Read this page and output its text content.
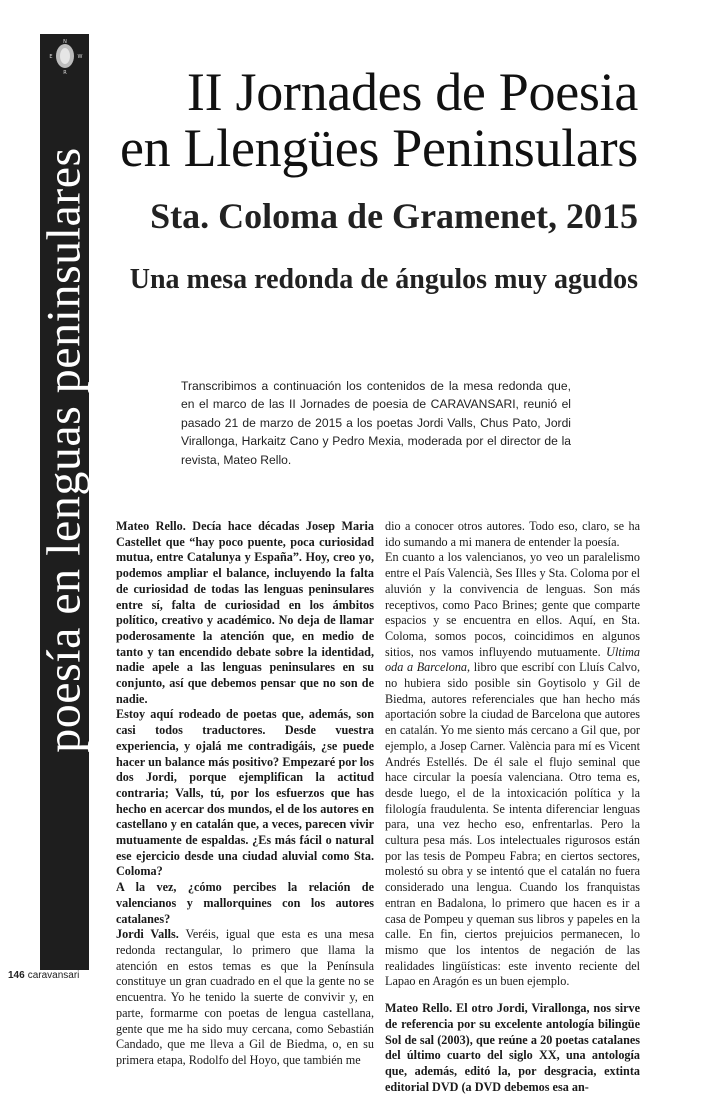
N
E	W
R
poesía en lenguas peninsulares
II Jornades de Poesia
en Llengües Peninsulars
Sta. Coloma de Gramenet, 2015
Una mesa redonda de ángulos muy agudos

Transcribimos a continuación los contenidos de la mesa redonda que, en el marco de las II Jornades de poesia de CARAVANSARI, reunió el pasado 21 de marzo de 2015 a los poetas Jordi Valls, Chus Pato, Jordi Virallonga, Harkaitz Cano y Pedro Mexia, moderada por el director de la revista, Mateo Rello.

Mateo Rello. Decía hace décadas Josep Maria Castellet que “hay poco puente, poca curiosidad mutua, entre Catalunya y España”. Hoy, creo yo, podemos ampliar el balance, incluyendo la falta de curiosidad de todas las lenguas peninsulares entre sí, falta de curiosidad en los ámbitos político, creativo y académico. No deja de llamar poderosamente la atención que, en medio de tanto y tan encendido debate sobre la identidad, nadie apele a las lenguas peninsulares en su conjunto, así que debemos pensar que no son de nadie.

Estoy aquí rodeado de poetas que, además, son casi todos traductores. Desde vuestra experiencia, y ojalá me contradigáis, ¿se puede hacer un balance más positivo? Empezaré por los dos Jordi, porque ejemplifican la actitud contraria; Valls, tú, por los esfuerzos que has hecho en acercar dos mundos, el de los autores en castellano y en catalán que, a veces, parecen vivir mutuamente de espaldas. ¿Es más fácil o natural ese ejercicio desde una ciudad aluvial como Sta. Coloma?

A la vez, ¿cómo percibes la relación de valencianos y mallorquines con los autores catalanes?

Jordi Valls. Veréis, igual que esta es una mesa redonda rectangular, lo primero que llama la atención en estos temas es que la Península constituye un gran cuadrado en el que la gente no se encuentra. Yo he tenido la suerte de convivir y, en parte, formarme con poetas de lengua castellana, gente que me ha sido muy cercana, como Sebastián Candado, que me lleva a Gil de Biedma, o, en su primera etapa, Rodolfo del Hoyo, que también me

dio a conocer otros autores. Todo eso, claro, se ha ido sumando a mi manera de entender la poesía.

En cuanto a los valencianos, yo veo un paralelismo entre el País Valencià, Ses Illes y Sta. Coloma por el aluvión y la convivencia de lenguas. Son más receptivos, como Paco Brines; gente que comparte espacios y se encuentra en ellos. Aquí, en Sta. Coloma, somos pocos, coincidimos en algunos sitios, nos vamos influyendo mutuamente. Ultima oda a Barcelona, libro que escribí con Lluís Calvo, no hubiera sido posible sin Goytisolo y Gil de Biedma, autores referenciales que han hecho más aportación sobre la ciudad de Barcelona que autores en catalán. Yo me siento más cercano a Gil que, por ejemplo, a Josep Carner. València para mí es Vicent Andrés Estellés. De él sale el flujo seminal que hace circular la poesía valenciana. Otro tema es, desde luego, el de la intoxicación política y la filología fraudulenta. Se intenta diferenciar lenguas para, una vez hecho eso, enfrentarlas. Pero la cultura pesa más. Los intelectuales rigurosos están por las tesis de Pompeu Fabra; en ciertos sectores, molestó su obra y se intentó que el catalán no fuera considerado una lengua. Cuando los franquistas entran en Badalona, lo primero que hacen es ir a casa de Pompeu y queman sus libros y papeles en la calle. En fin, ciertos prejuicios permanecen, lo mismo que los intentos de negación de las realidades lingüísticas: este invento reciente del Lapao en Aragón es un buen ejemplo.

Mateo Rello. El otro Jordi, Virallonga, nos sirve de referencia por su excelente antología bilingüe Sol de sal (2003), que reúne a 20 poetas catalanes del último cuarto del siglo XX, una antología que, además, editó la, por desgracia, extinta editorial DVD (a DVD debemos esa an-

146 caravansari
